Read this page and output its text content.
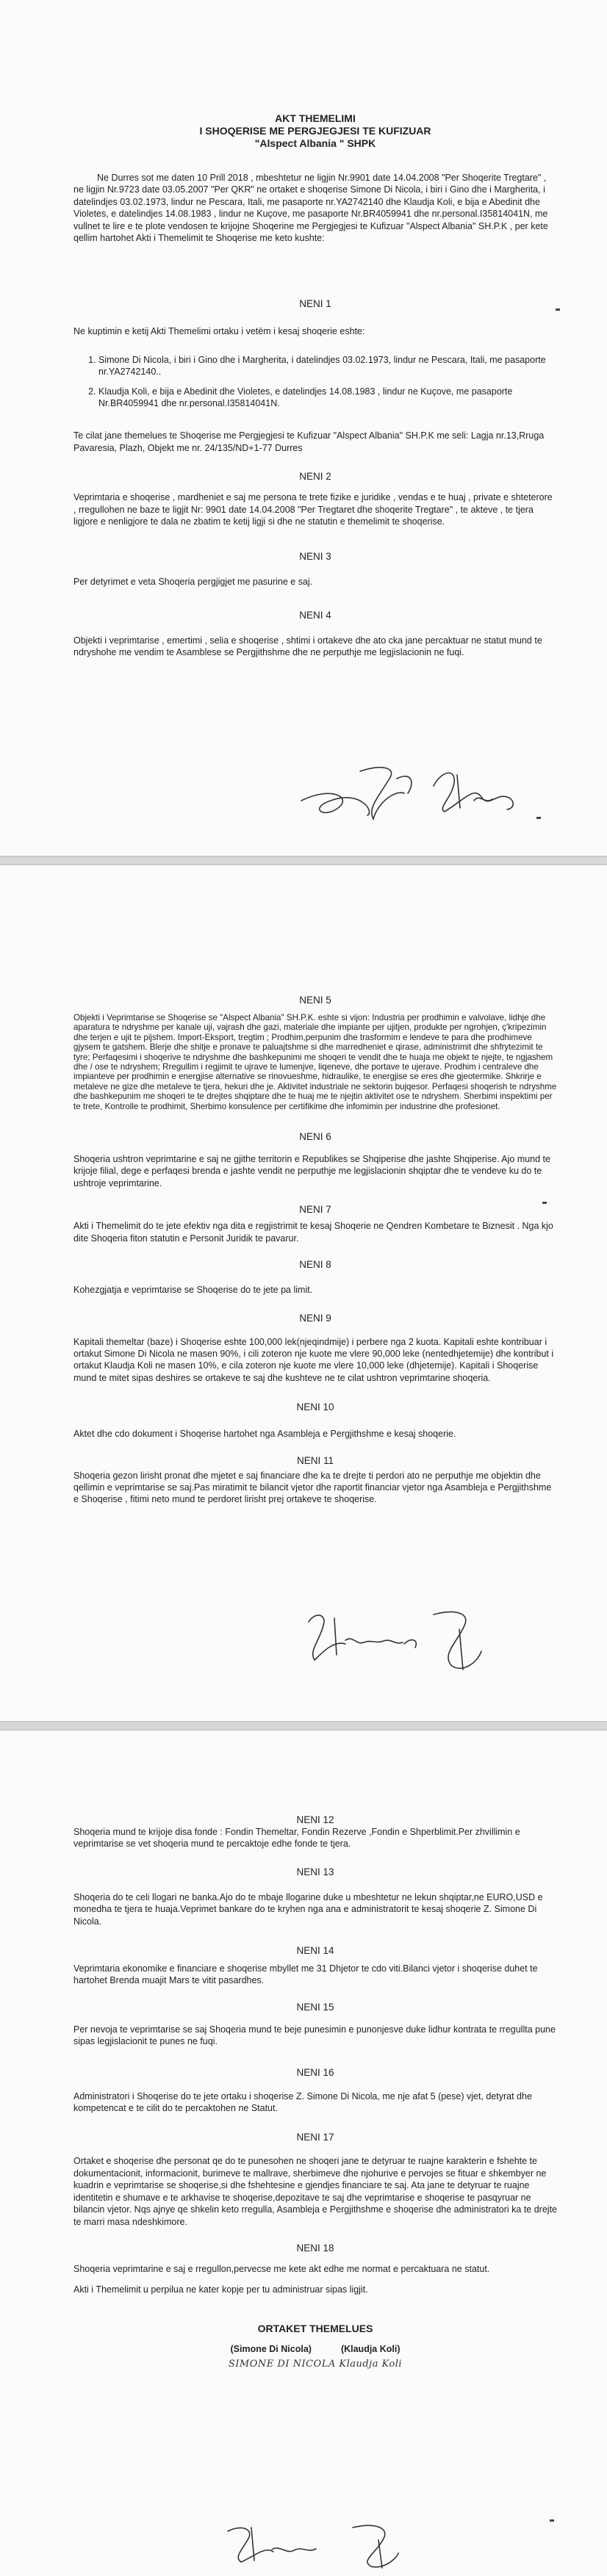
AKT THEMELIMI
I SHOQERISE ME PERGJEGJESI TE KUFIZUAR
"Alspect Albania " SHPK

Ne Durres sot me daten 10 Prill 2018 , mbeshtetur ne ligjin Nr.9901 date 14.04.2008 "Per Shoqerite Tregtare" , ne ligjin Nr.9723 date 03.05.2007 "Per QKR" ne ortaket e shoqerise Simone Di Nicola, i biri i Gino dhe i Margherita, i datelindjes 03.02.1973, lindur ne Pescara, Itali, me pasaporte nr.YA2742140 dhe Klaudja Koli, e bija e Abedinit dhe Violetes, e datelindjes 14.08.1983 , lindur ne Kuçove, me pasaporte Nr.BR4059941 dhe nr.personal.I35814041N, me vullnet te lire e te plote vendosen te krijojne Shoqerine me Pergjegjesi te Kufizuar "Alspect Albania" SH.P.K , per kete qellim hartohet Akti i Themelimit te Shoqerise me keto kushte:

NENI 1

Ne kuptimin e ketij Akti Themelimi ortaku i vetëm i kesaj shoqerie eshte:

1. Simone Di Nicola, i biri i Gino dhe i Margherita, i datelindjes 03.02.1973, lindur ne Pescara, Itali, me pasaporte nr.YA2742140..
2. Klaudja Koli, e bija e Abedinit dhe Violetes, e datelindjes 14.08.1983 , lindur ne Kuçove, me pasaporte Nr.BR4059941 dhe nr.personal.I35814041N.

Te cilat jane themelues te Shoqerise me Pergjegjesi te Kufizuar "Alspect Albania" SH.P.K me seli: Lagja nr.13,Rruga Pavaresia, Plazh, Objekt me nr. 24/135/ND+1-77 Durres

NENI 2

Veprimtaria e shoqerise , mardheniet e saj me persona te trete fizike e juridike , vendas e te huaj , private e shteterore , rregullohen ne baze te ligjit Nr: 9901 date 14.04.2008 "Per Tregtaret dhe shoqerite Tregtare" , te aktеve , te tjera ligjore e nenligjore te dala ne zbatim te ketij ligji si dhe ne statutin e themelimit te shoqerise.

NENI 3

Per detyrimet e veta Shoqeria pergjigjet me pasurine e saj.

NENI 4

Objekti i veprimtarise , emertimi , selia e shoqerise , shtimi i ortakeve dhe ato cka jane percaktuar ne statut mund te ndryshohe me vendim te Asamblese se Pergjithshme dhe ne perputhje me legjislacionin ne fuqi.

NENI 5

Objekti i Veprimtarise se Shoqerise se "Alspect Albania" SH.P.K. eshte si vijon: Industria per prodhimin e valvolave, lidhje dhe aparatura te ndryshme per kanale uji, vajrash dhe gazi, materiale dhe impiante per ujitjen, produkte per ngrohjen, ç'kripezimin dhe terjen e ujit te pijshem. Import-Eksport, tregtim ; Prodhim,perpunim dhe trasformim e lendeve te para dhe prodhimeve gjysem te gatshem. Blerje dhe shitje e pronave te paluajtshme si dhe marredheniet e qirase, administrimit dhe shfrytezimit te tyre; Perfaqesimi i shoqerive te ndryshme dhe bashkepunimi me shoqeri te vendit dhe te huaja me objekt te njejte, te ngjashem dhe / ose te ndryshem; Rregullim i regjimit te ujrave te lumenjve, liqeneve, dhe portave te ujerave. Prodhim i centraleve dhe impianteve per prodhimin e energjise alternative se rinovueshme, hidraulike, te energjise se eres dhe gjeotermike. Shkrirje e metaleve ne gize dhe metaleve te tjera, hekuri dhe je. Aktivitet industriale ne sektorin bujqesor. Perfaqesi shoqerish te ndryshme dhe bashkepunim me shoqeri te te drejtes shqiptare dhe te huaj me te njejtin aktivitet ose te ndryshem. Sherbimi inspektimi per te trete, Kontrolle te prodhimit, Sherbimo konsulence per certifikime dhe infomimin per industrine dhe profesionet.

NENI 6

Shoqeria ushtron veprimtarine e saj ne gjithe territorin e Republikes se Shqiperise dhe jashte Shqiperise. Ajo mund te krijoje filial, dege e perfaqesi brenda e jashte vendit ne perputhje me legjislacionin shqiptar dhe te vendeve ku do te ushtroje veprimtarine.

NENI 7

Akti i Themelimit do te jete efektiv nga dita e regjistrimit te kesaj Shoqerie ne Qendren Kombetare te Biznesit . Nga kjo dite Shoqeria fiton statutin e Personit Juridik te pavarur.

NENI 8

Kohezgjatja e veprimtarise se Shoqerise do te jete pa limit.

NENI 9

Kapitali themeltar (bazе) i Shoqerise eshte 100,000 lek(njeqindmije) i perbere nga 2 kuota. Kapitali eshte kontribuar i ortakut Simone Di Nicola ne masen 90%, i cili zoteron nje kuote me vlere 90,000 leke (nentedhjetemije) dhe kontribut i ortakut Klaudja Koli ne masen 10%, e cila zoteron nje kuote me vlere 10,000 leke (dhjetemije). Kapitali i Shoqerise mund te mitet sipas deshires se ortakeve te saj dhe kushteve ne te cilat ushtron veprimtarine shoqeria.

NENI 10

Aktet dhe cdo dokument i Shoqerise hartohet nga Asambleja e Pergjithshme e kesaj shoqerie.

NENI 11

Shoqeria gezon lirisht pronat dhe mjetet e saj financiare dhe ka te drejte ti perdori ato ne perputhje me objektin dhe qellimin e veprimtarise se saj.Pas miratimit te bilancit vjetor dhe raportit financiar vjetor nga Asambleja e Pergjithshme e Shoqerise , fitimi neto mund te perdoret lirisht prej ortakeve te shoqerise.

NENI 12

Shoqeria mund te krijoje disa fonde : Fondin Themeltar, Fondin Rezerve ,Fondin e Shperblimit.Per zhvillimin e veprimtarise se vet shoqeria mund te percaktoje edhe fonde te tjera.

NENI 13

Shoqeria do te celi llogari ne banka.Ajo do te mbaje llogarine duke u mbeshtetur ne lekun shqiptar,ne EURO,USD e monedha te tjera te huaja.Veprimet bankare do te kryhen nga ana e administratorit te kesaj shoqerie Z. Simone Di Nicola.

NENI 14

Veprimtaria ekonomike e financiare e shoqerise mbyllet me 31 Dhjetor te cdo viti.Bilanci vjetor i shoqerise duhet te hartohet Brenda muajit Mars te vitit pasardhes.

NENI 15

Per nevoja te veprimtarise se saj Shoqeria mund te beje punesimin e punonjesve duke lidhur kontrata te rregullta pune sipas legjislacionit te punes ne fuqi.

NENI 16

Administratori i Shoqerise do te jete ortaku i shoqerise Z. Simone Di Nicola, me nje afat 5 (pese) vjet, detyrat dhe kompetencat e te cilit do te percaktohen ne Statut.

NENI 17

Ortaket e shoqerise dhe personat qe do te punesohen ne shoqeri jane te detyruar te ruajne karakterin e fshehte te dokumentacionit, informacionit, burimeve te mallrave, sherbimeve dhe njohurive e pervojes se fituar e shkembyer ne kuadrin e veprimtarise se shoqerise,si dhe fshehtesine e gjendjes financiare te saj. Ata jane te detyruar te ruajne identitetin e shumave e te arkhavise te shoqerise,depozitave te saj dhe veprimtarise e shoqerise te pasqyruar ne bilancin vjetor. Nqs ajnye qe shkelin keto rregulla, Asambleja e Pergjithshme e shoqerise dhe administratori ka te drejte te marri masa ndeshkimore.

NENI 18

Shoqeria veprimtarine e saj e rregullon,pervecse me kete akt edhe me normat e percaktuara ne statut.

Akti i Themelimit u perpilua ne kater kopje per tu administruar sipas ligjit.

ORTAKET THEMELUES
(Simone Di Nicola)	(Klaudja Koli)
SIMONE DI NICOLA Klaudja Koli
